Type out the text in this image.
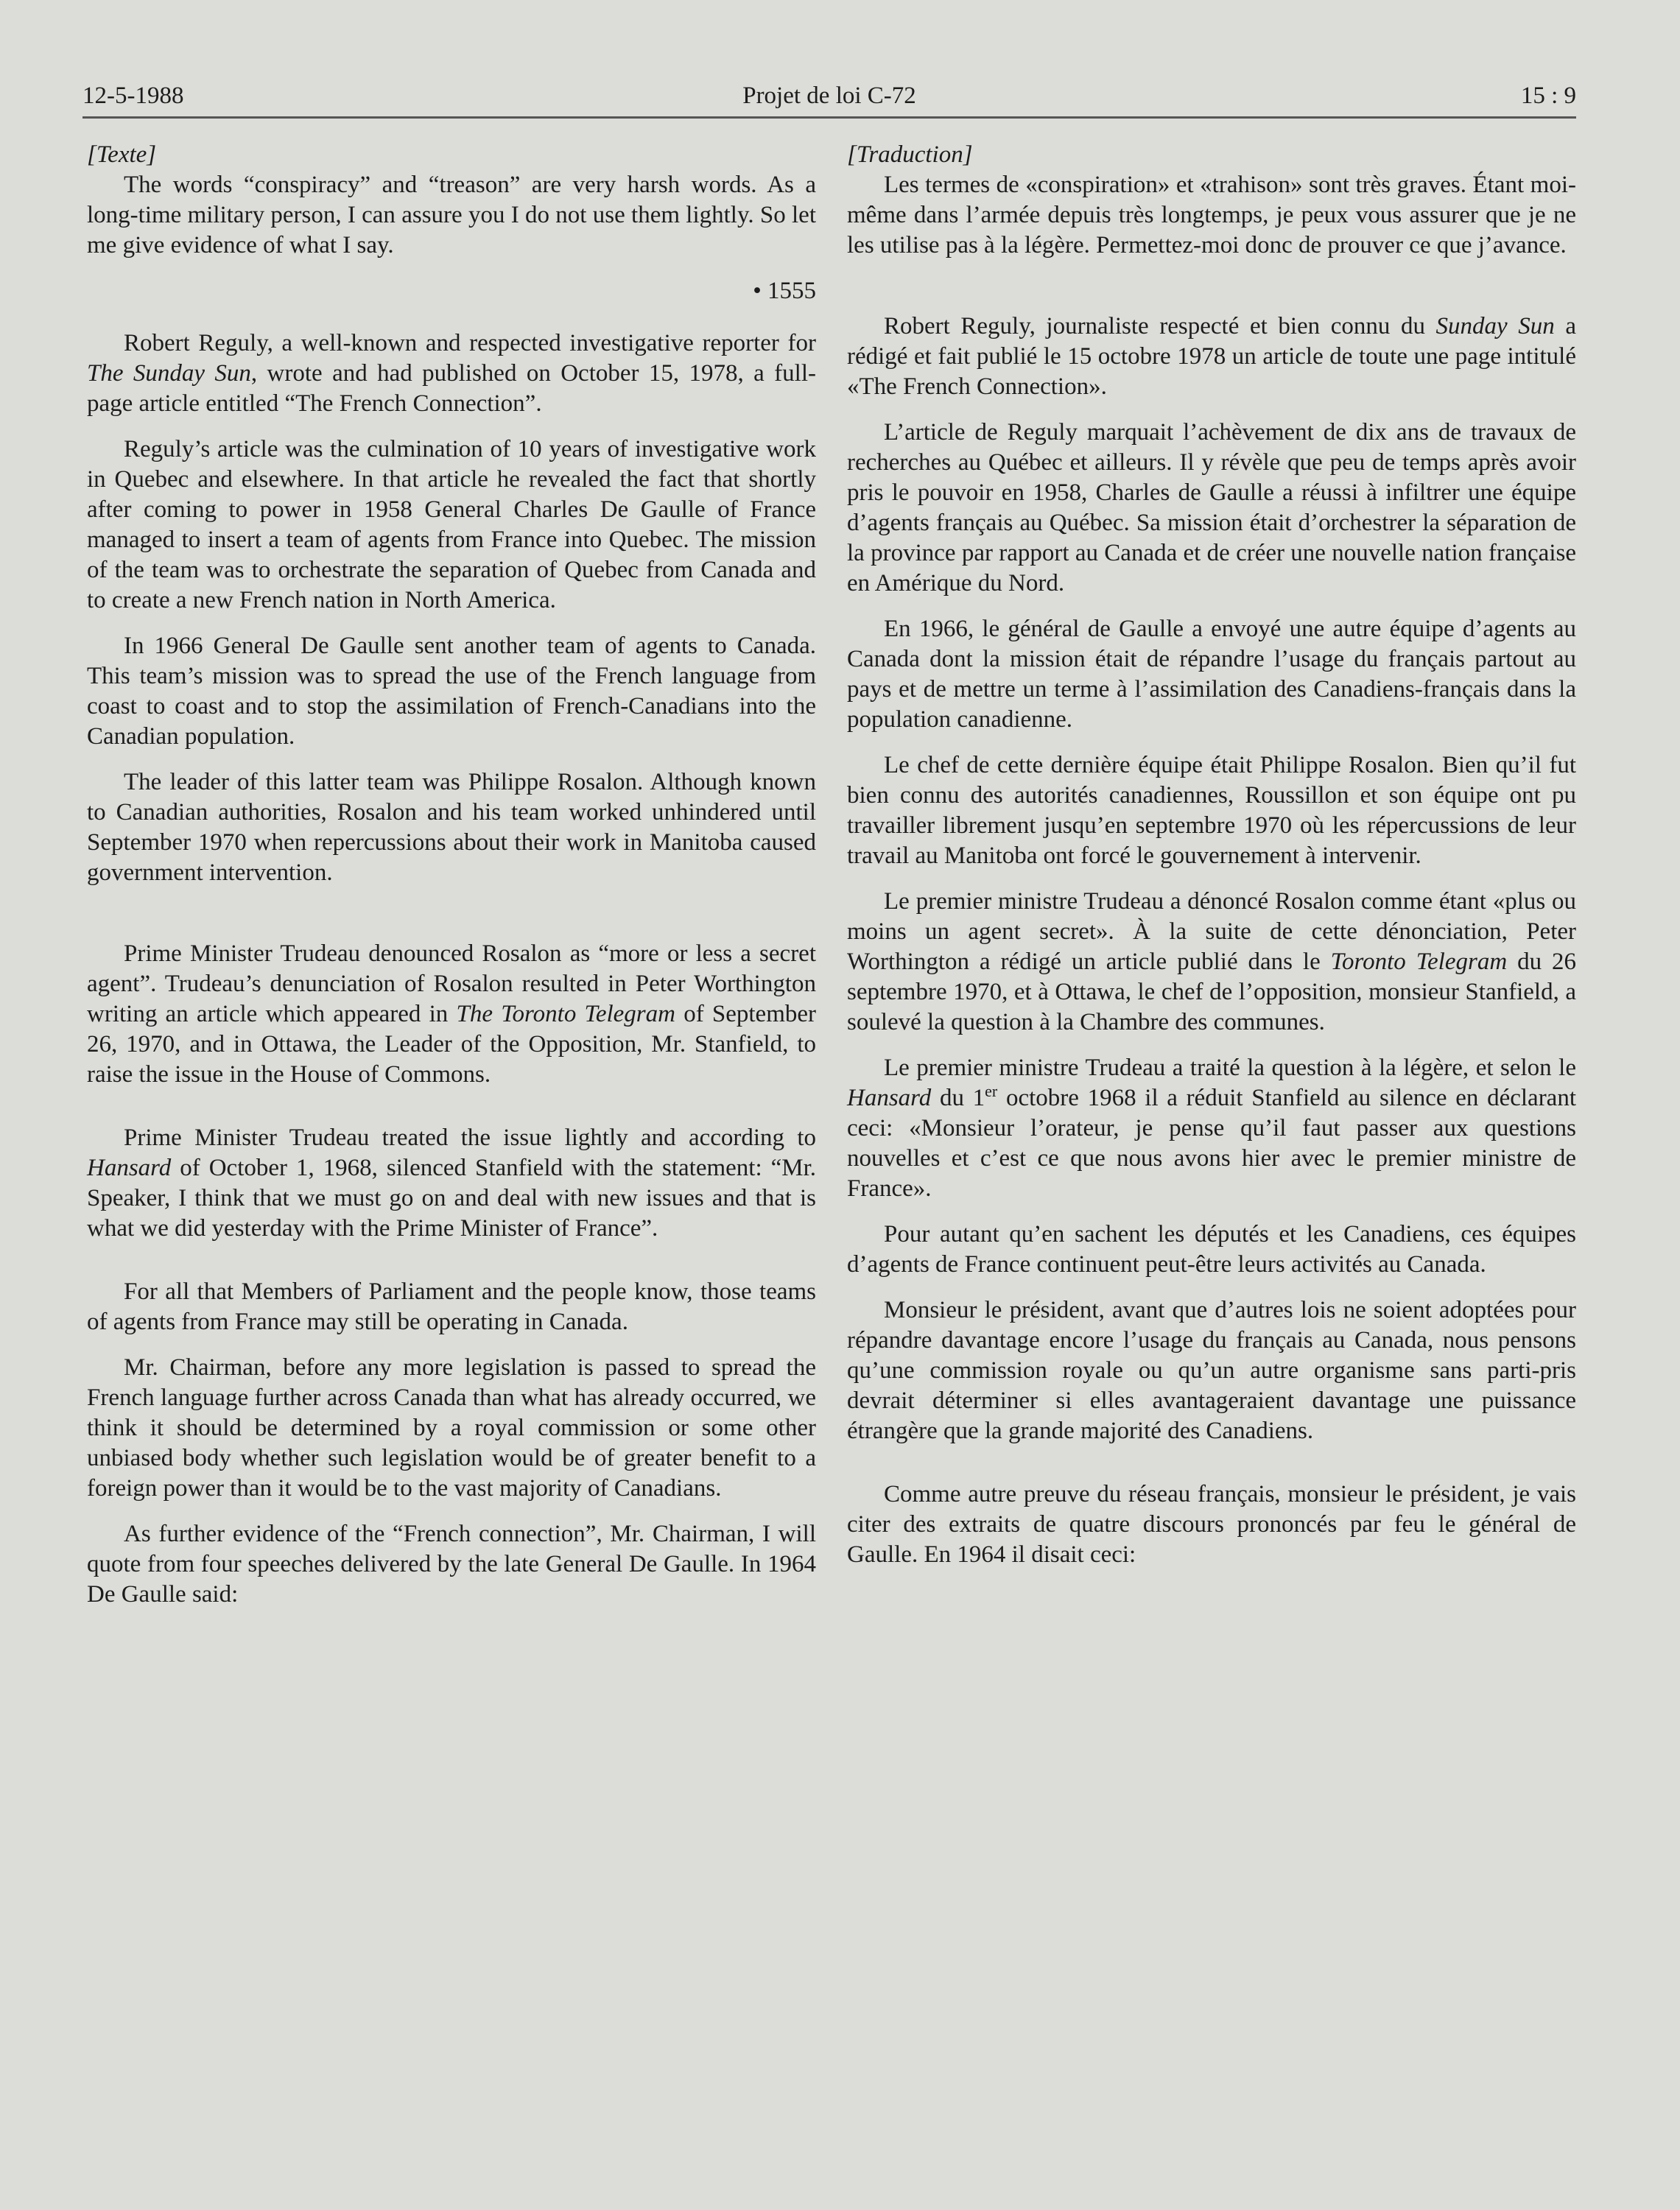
12-5-1988	Projet de loi C-72	15 : 9

[Texte]

The words “conspiracy” and “treason” are very harsh words. As a long-time military person, I can assure you I do not use them lightly. So let me give evidence of what I say.

• 1555

Robert Reguly, a well-known and respected investigative reporter for The Sunday Sun, wrote and had published on October 15, 1978, a full-page article entitled “The French Connection”.

Reguly’s article was the culmination of 10 years of investigative work in Quebec and elsewhere. In that article he revealed the fact that shortly after coming to power in 1958 General Charles De Gaulle of France managed to insert a team of agents from France into Quebec. The mission of the team was to orchestrate the separation of Quebec from Canada and to create a new French nation in North America.

In 1966 General De Gaulle sent another team of agents to Canada. This team’s mission was to spread the use of the French language from coast to coast and to stop the assimilation of French-Canadians into the Canadian population.

The leader of this latter team was Philippe Rosalon. Although known to Canadian authorities, Rosalon and his team worked unhindered until September 1970 when repercussions about their work in Manitoba caused government intervention.

Prime Minister Trudeau denounced Rosalon as “more or less a secret agent”. Trudeau’s denunciation of Rosalon resulted in Peter Worthington writing an article which appeared in The Toronto Telegram of September 26, 1970, and in Ottawa, the Leader of the Opposition, Mr. Stanfield, to raise the issue in the House of Commons.

Prime Minister Trudeau treated the issue lightly and according to Hansard of October 1, 1968, silenced Stanfield with the statement: “Mr. Speaker, I think that we must go on and deal with new issues and that is what we did yesterday with the Prime Minister of France”.

For all that Members of Parliament and the people know, those teams of agents from France may still be operating in Canada.

Mr. Chairman, before any more legislation is passed to spread the French language further across Canada than what has already occurred, we think it should be determined by a royal commission or some other unbiased body whether such legislation would be of greater benefit to a foreign power than it would be to the vast majority of Canadians.

As further evidence of the “French connection”, Mr. Chairman, I will quote from four speeches delivered by the late General De Gaulle. In 1964 De Gaulle said:

[Traduction]

Les termes de «conspiration» et «trahison» sont très graves. Étant moi-même dans l’armée depuis très longtemps, je peux vous assurer que je ne les utilise pas à la légère. Permettez-moi donc de prouver ce que j’avance.

Robert Reguly, journaliste respecté et bien connu du Sunday Sun a rédigé et fait publié le 15 octobre 1978 un article de toute une page intitulé «The French Connection».

L’article de Reguly marquait l’achèvement de dix ans de travaux de recherches au Québec et ailleurs. Il y révèle que peu de temps après avoir pris le pouvoir en 1958, Charles de Gaulle a réussi à infiltrer une équipe d’agents français au Québec. Sa mission était d’orchestrer la séparation de la province par rapport au Canada et de créer une nouvelle nation française en Amérique du Nord.

En 1966, le général de Gaulle a envoyé une autre équipe d’agents au Canada dont la mission était de répandre l’usage du français partout au pays et de mettre un terme à l’assimilation des Canadiens-français dans la population canadienne.

Le chef de cette dernière équipe était Philippe Rosalon. Bien qu’il fut bien connu des autorités canadiennes, Roussillon et son équipe ont pu travailler librement jusqu’en septembre 1970 où les répercussions de leur travail au Manitoba ont forcé le gouvernement à intervenir.

Le premier ministre Trudeau a dénoncé Rosalon comme étant «plus ou moins un agent secret». À la suite de cette dénonciation, Peter Worthington a rédigé un article publié dans le Toronto Telegram du 26 septembre 1970, et à Ottawa, le chef de l’opposition, monsieur Stanfield, a soulevé la question à la Chambre des communes.

Le premier ministre Trudeau a traité la question à la légère, et selon le Hansard du 1er octobre 1968 il a réduit Stanfield au silence en déclarant ceci: «Monsieur l’orateur, je pense qu’il faut passer aux questions nouvelles et c’est ce que nous avons hier avec le premier ministre de France».

Pour autant qu’en sachent les députés et les Canadiens, ces équipes d’agents de France continuent peut-être leurs activités au Canada.

Monsieur le président, avant que d’autres lois ne soient adoptées pour répandre davantage encore l’usage du français au Canada, nous pensons qu’une commission royale ou qu’un autre organisme sans parti-pris devrait déterminer si elles avantageraient davantage une puissance étrangère que la grande majorité des Canadiens.

Comme autre preuve du réseau français, monsieur le président, je vais citer des extraits de quatre discours prononcés par feu le général de Gaulle. En 1964 il disait ceci:
